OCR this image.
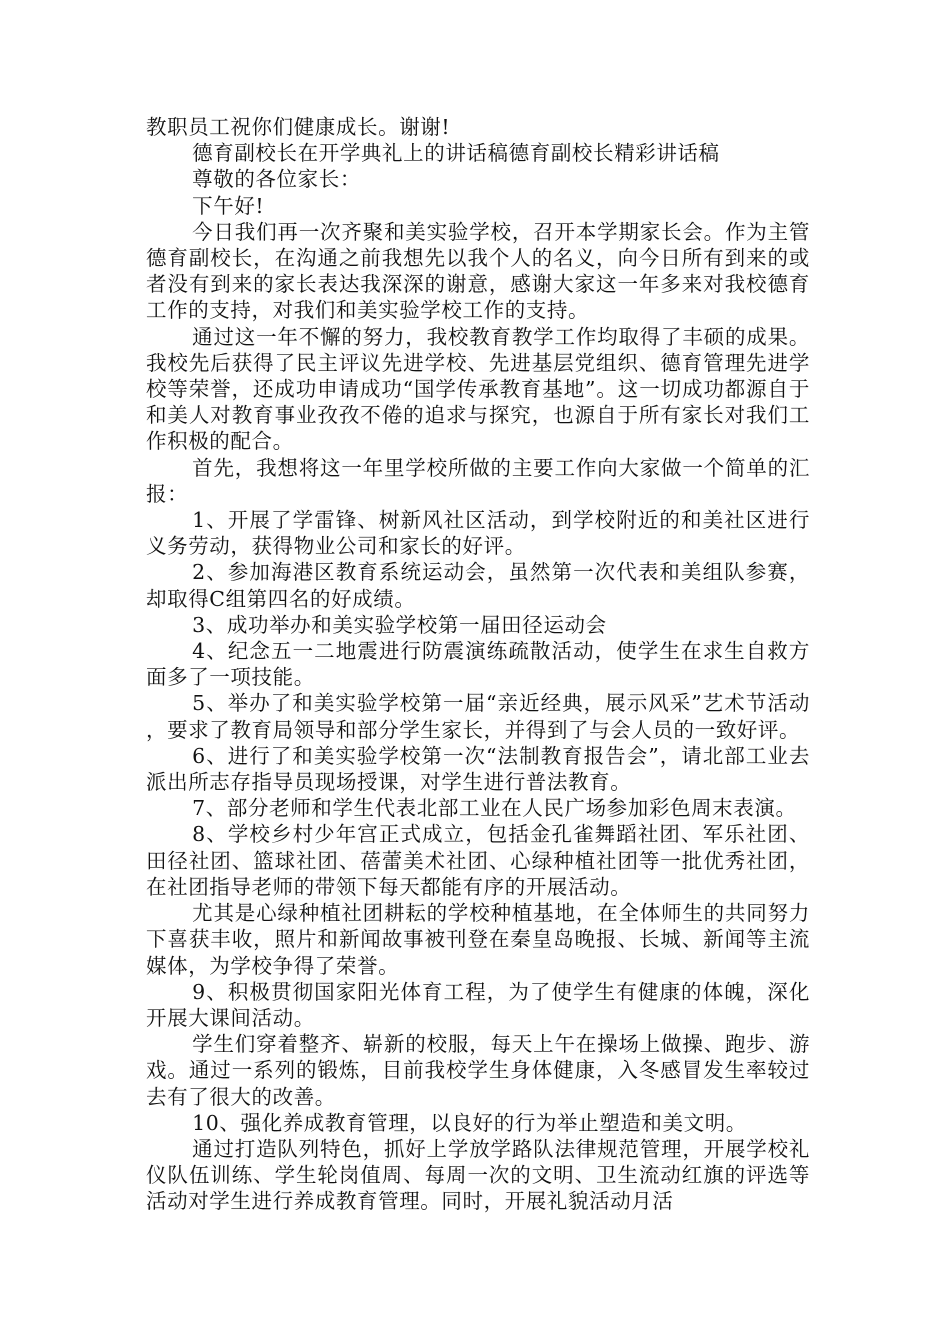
教职员工祝你们健康成长。谢谢!

德育副校长在开学典礼上的讲话稿德育副校长精彩讲话稿

尊敬的各位家长：

下午好!

今日我们再一次齐聚和美实验学校，召开本学期家长会。作为主管德育副校长，在沟通之前我想先以我个人的名义，向今日所有到来的或者没有到来的家长表达我深深的谢意，感谢大家这一年多来对我校德育工作的支持，对我们和美实验学校工作的支持。

通过这一年不懈的努力，我校教育教学工作均取得了丰硕的成果。我校先后获得了民主评议先进学校、先进基层党组织、德育管理先进学校等荣誉，还成功申请成功“国学传承教育基地”。这一切成功都源自于和美人对教育事业孜孜不倦的追求与探究，也源自于所有家长对我们工作积极的配合。

首先，我想将这一年里学校所做的主要工作向大家做一个简单的汇报：

1、开展了学雷锋、树新风社区活动，到学校附近的和美社区进行义务劳动，获得物业公司和家长的好评。

2、参加海港区教育系统运动会，虽然第一次代表和美组队参赛，却取得C组第四名的好成绩。

3、成功举办和美实验学校第一届田径运动会

4、纪念五一二地震进行防震演练疏散活动，使学生在求生自救方面多了一项技能。

5、举办了和美实验学校第一届“亲近经典，展示风采”艺术节活动，要求了教育局领导和部分学生家长，并得到了与会人员的一致好评。

6、进行了和美实验学校第一次“法制教育报告会”，请北部工业去派出所志存指导员现场授课，对学生进行普法教育。

7、部分老师和学生代表北部工业在人民广场参加彩色周末表演。

8、学校乡村少年宫正式成立，包括金孔雀舞蹈社团、军乐社团、田径社团、篮球社团、蓓蕾美术社团、心绿种植社团等一批优秀社团，在社团指导老师的带领下每天都能有序的开展活动。

尤其是心绿种植社团耕耘的学校种植基地，在全体师生的共同努力下喜获丰收，照片和新闻故事被刊登在秦皇岛晚报、长城、新闻等主流媒体，为学校争得了荣誉。

9、积极贯彻国家阳光体育工程，为了使学生有健康的体魄，深化开展大课间活动。

学生们穿着整齐、崭新的校服，每天上午在操场上做操、跑步、游戏。通过一系列的锻炼，目前我校学生身体健康，入冬感冒发生率较过去有了很大的改善。

10、强化养成教育管理，以良好的行为举止塑造和美文明。

通过打造队列特色，抓好上学放学路队法律规范管理，开展学校礼仪队伍训练、学生轮岗值周、每周一次的文明、卫生流动红旗的评选等活动对学生进行养成教育管理。同时，开展礼貌活动月活
